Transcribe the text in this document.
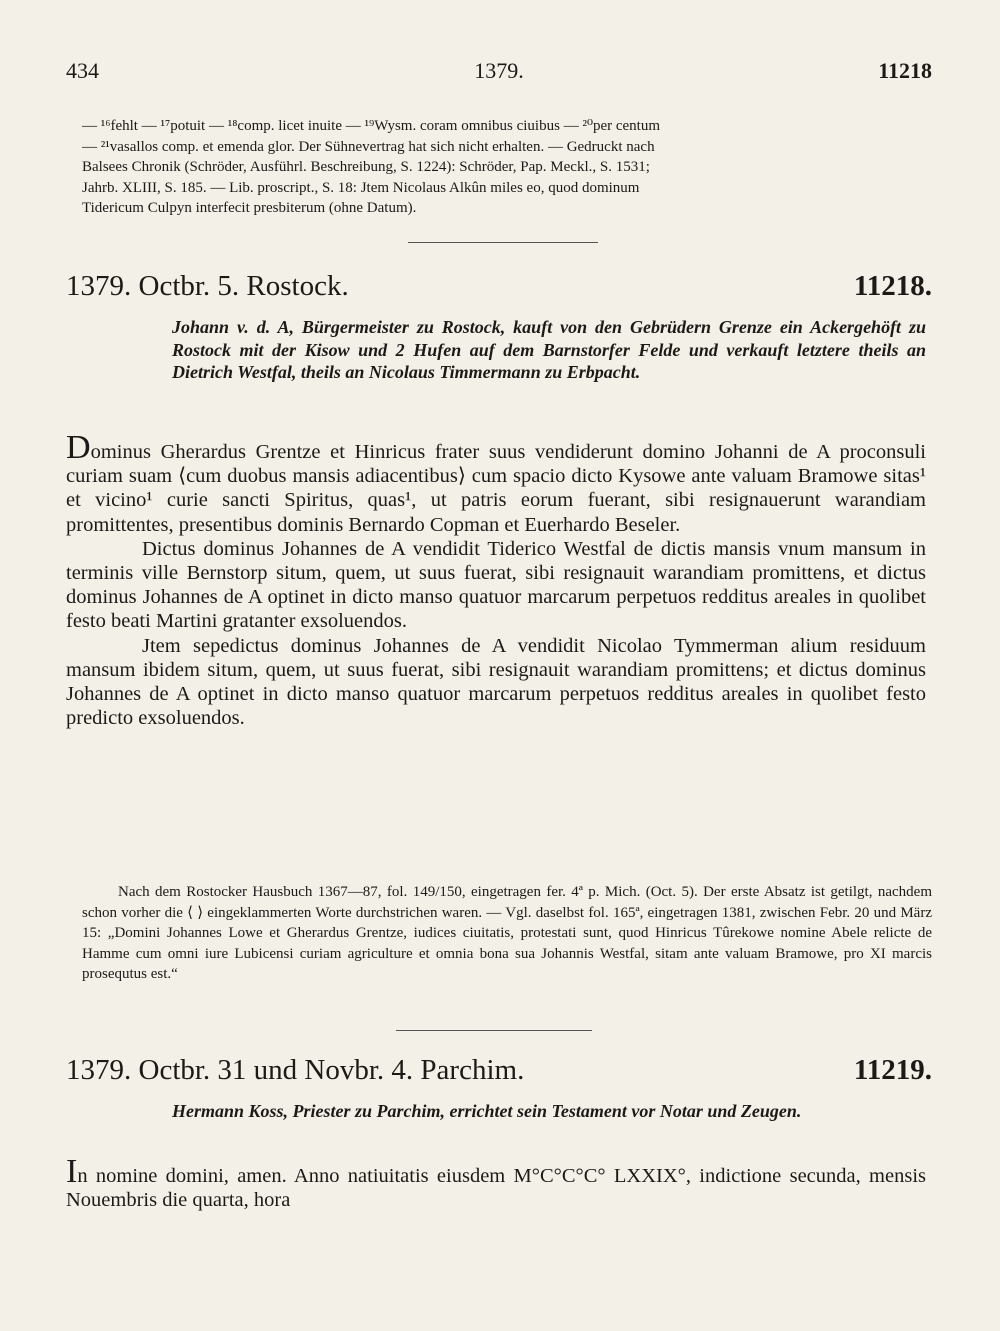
434	1379.	11218

— ¹⁶fehlt — ¹⁷potuit — ¹⁸comp. licet inuite — ¹⁹Wysm. coram omnibus ciuibus — ²⁰per centum

— ²¹vasallos comp. et emenda glor. Der Sühnevertrag hat sich nicht erhalten. — Gedruckt nach

Balsees Chronik (Schröder, Ausführl. Beschreibung, S. 1224): Schröder, Pap. Meckl., S. 1531;

Jahrb. XLIII, S. 185. — Lib. proscript., S. 18: Jtem Nicolaus Alkûn miles eo, quod dominum

Tidericum Culpyn interfecit presbiterum (ohne Datum).

1379. Octbr. 5. Rostock.	11218.
Johann v. d. A, Bürgermeister zu Rostock, kauft von den Gebrüdern Grenze ein Ackergehöft zu Rostock mit der Kisow und 2 Hufen auf dem Barnstorfer Felde und verkauft letztere theils an Dietrich Westfal, theils an Nicolaus Timmermann zu Erbpacht.

Dominus Gherardus Grentze et Hinricus frater suus vendiderunt domino Johanni de A proconsuli curiam suam ⟨cum duobus mansis adiacentibus⟩ cum spacio dicto Kysowe ante valuam Bramowe sitas¹ et vicino¹ curie sancti Spiritus, quas¹, ut patris eorum fuerant, sibi resignauerunt warandiam promittentes, presentibus dominis Bernardo Copman et Euerhardo Beseler.

Dictus dominus Johannes de A vendidit Tiderico Westfal de dictis mansis vnum mansum in terminis ville Bernstorp situm, quem, ut suus fuerat, sibi resignauit warandiam promittens, et dictus dominus Johannes de A optinet in dicto manso quatuor marcarum perpetuos redditus areales in quolibet festo beati Martini gratanter exsoluendos.

Jtem sepedictus dominus Johannes de A vendidit Nicolao Tymmerman alium residuum mansum ibidem situm, quem, ut suus fuerat, sibi resignauit warandiam promittens; et dictus dominus Johannes de A optinet in dicto manso quatuor marcarum perpetuos redditus areales in quolibet festo predicto exsoluendos.

Nach dem Rostocker Hausbuch 1367—87, fol. 149/150, eingetragen fer. 4ª p. Mich. (Oct. 5). Der erste Absatz ist getilgt, nachdem schon vorher die ⟨ ⟩ eingeklammerten Worte durchstrichen waren. — Vgl. daselbst fol. 165ª, eingetragen 1381, zwischen Febr. 20 und März 15: „Domini Johannes Lowe et Gherardus Grentze, iudices ciuitatis, protestati sunt, quod Hinricus Tûrekowe nomine Abele relicte de Hamme cum omni iure Lubicensi curiam agriculture et omnia bona sua Johannis Westfal, sitam ante valuam Bramowe, pro XI marcis prosequtus est.“

1379. Octbr. 31 und Novbr. 4. Parchim.	11219.
Hermann Koss, Priester zu Parchim, errichtet sein Testament vor Notar und Zeugen.

In nomine domini, amen. Anno natiuitatis eiusdem M°C°C°C° LXXIX°, indictione secunda, mensis Nouembris die quarta, hora
